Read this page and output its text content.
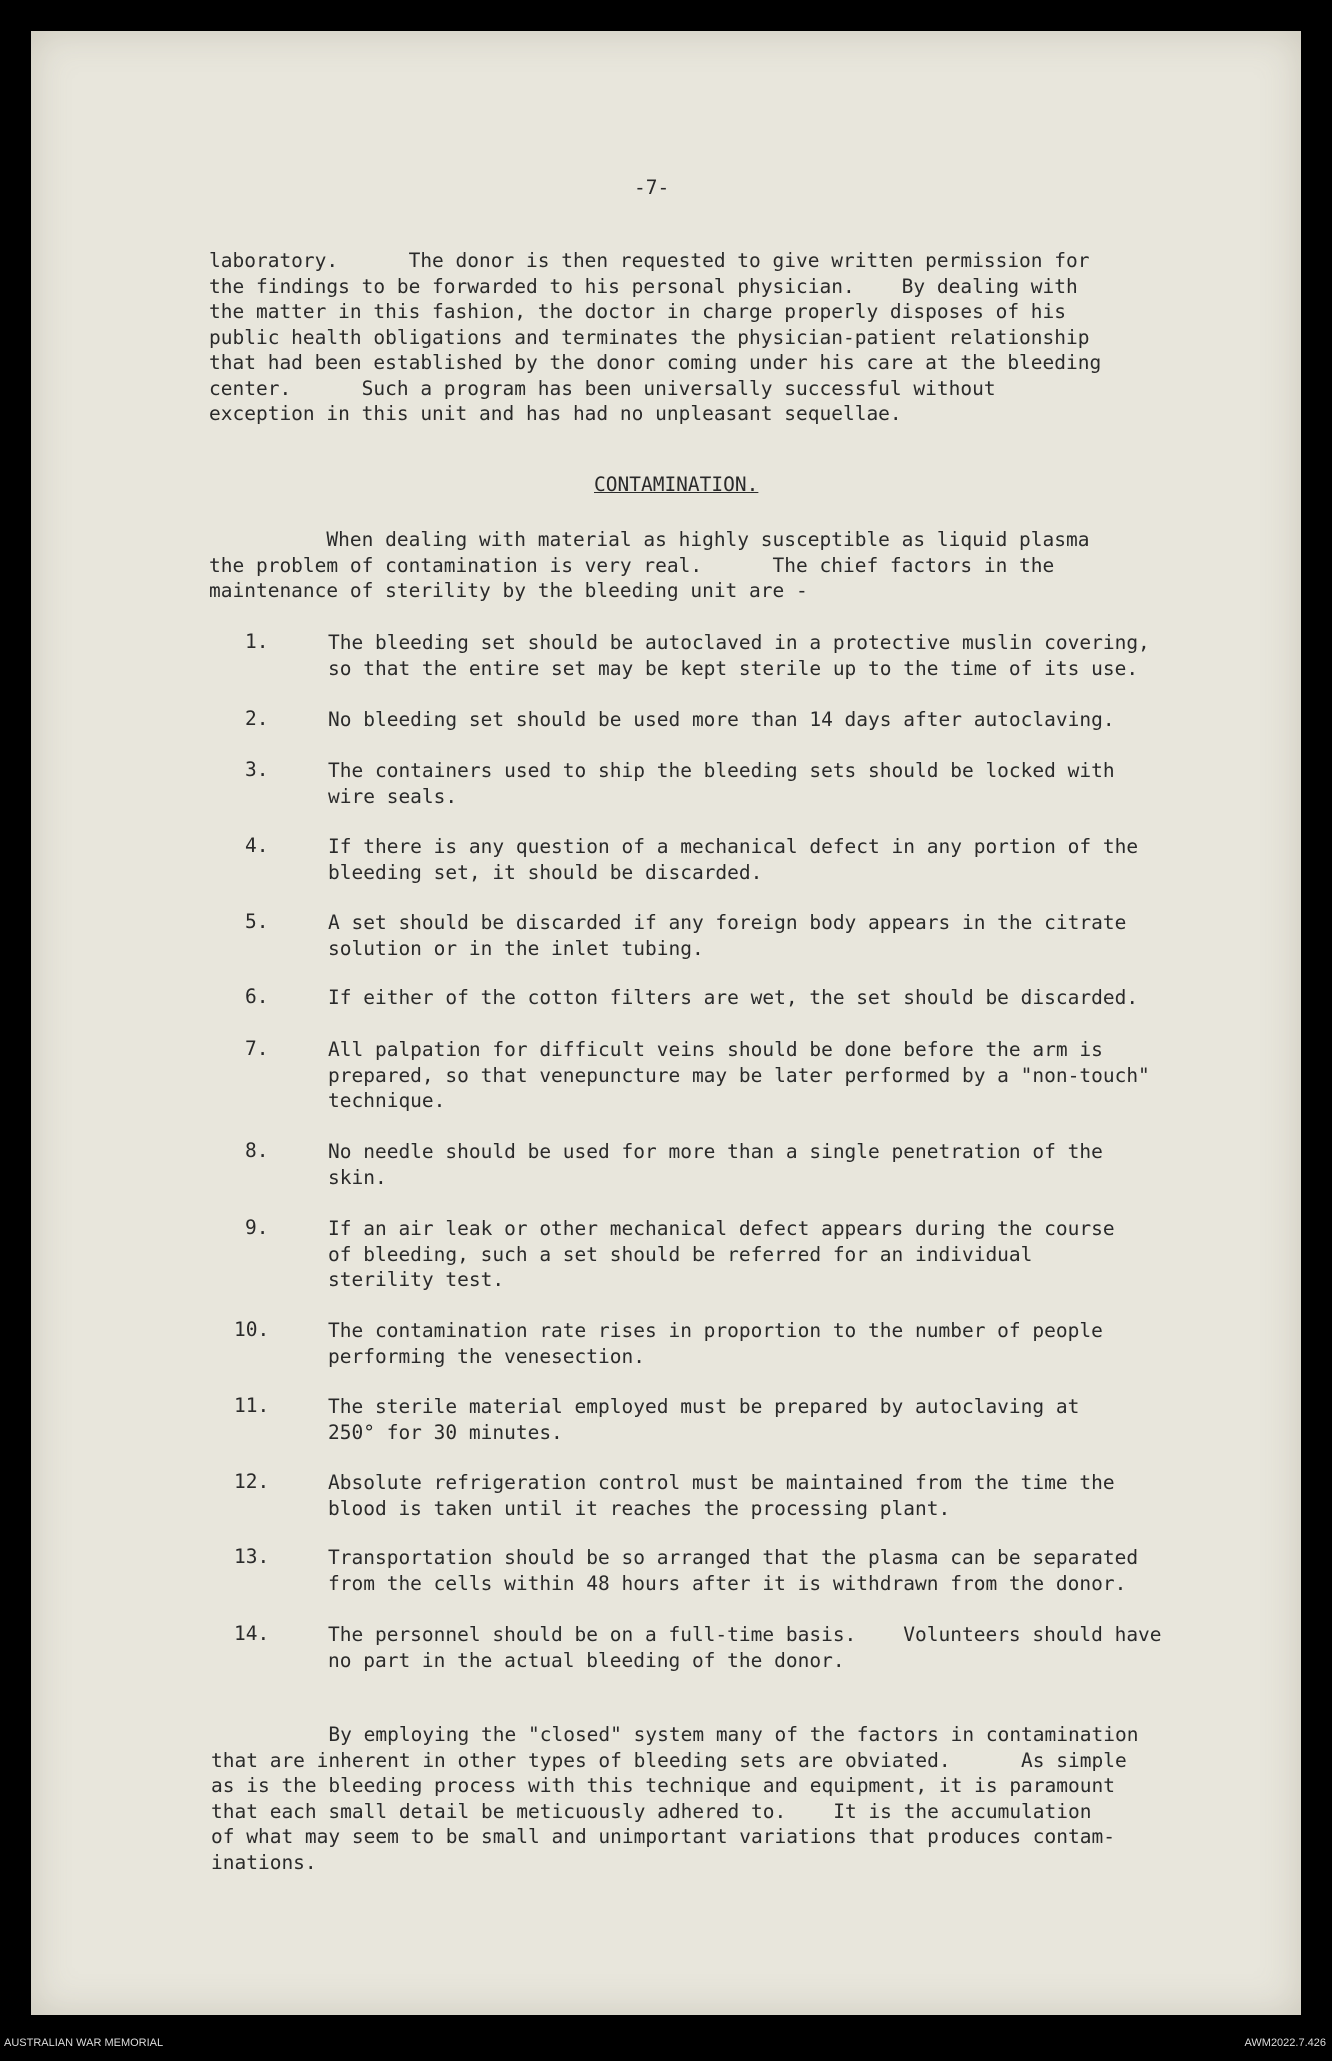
-7-
laboratory.      The donor is then requested to give written permission for
the findings to be forwarded to his personal physician.    By dealing with
the matter in this fashion, the doctor in charge properly disposes of his
public health obligations and terminates the physician-patient relationship
that had been established by the donor coming under his care at the bleeding
center.      Such a program has been universally successful without
exception in this unit and has had no unpleasant sequellae.
CONTAMINATION.
When dealing with material as highly susceptible as liquid plasma
the problem of contamination is very real.      The chief factors in the
maintenance of sterility by the bleeding unit are -
1.	The bleeding set should be autoclaved in a protective muslin covering,
so that the entire set may be kept sterile up to the time of its use.
2.	No bleeding set should be used more than 14 days after autoclaving.
3.	The containers used to ship the bleeding sets should be locked with
wire seals.
4.	If there is any question of a mechanical defect in any portion of the
bleeding set, it should be discarded.
5.	A set should be discarded if any foreign body appears in the citrate
solution or in the inlet tubing.
6.	If either of the cotton filters are wet, the set should be discarded.
7.	All palpation for difficult veins should be done before the arm is
prepared, so that venepuncture may be later performed by a "non-touch"
technique.
8.	No needle should be used for more than a single penetration of the
skin.
9.	If an air leak or other mechanical defect appears during the course
of bleeding, such a set should be referred for an individual
sterility test.
10.	The contamination rate rises in proportion to the number of people
performing the venesection.
11.	The sterile material employed must be prepared by autoclaving at
250° for 30 minutes.
12.	Absolute refrigeration control must be maintained from the time the
blood is taken until it reaches the processing plant.
13.	Transportation should be so arranged that the plasma can be separated
from the cells within 48 hours after it is withdrawn from the donor.
14.	The personnel should be on a full-time basis.    Volunteers should have
no part in the actual bleeding of the donor.
By employing the "closed" system many of the factors in contamination
that are inherent in other types of bleeding sets are obviated.      As simple
as is the bleeding process with this technique and equipment, it is paramount
that each small detail be meticuously adhered to.    It is the accumulation
of what may seem to be small and unimportant variations that produces contam-
inations.
AUSTRALIAN WAR MEMORIAL	AWM2022.7.426
